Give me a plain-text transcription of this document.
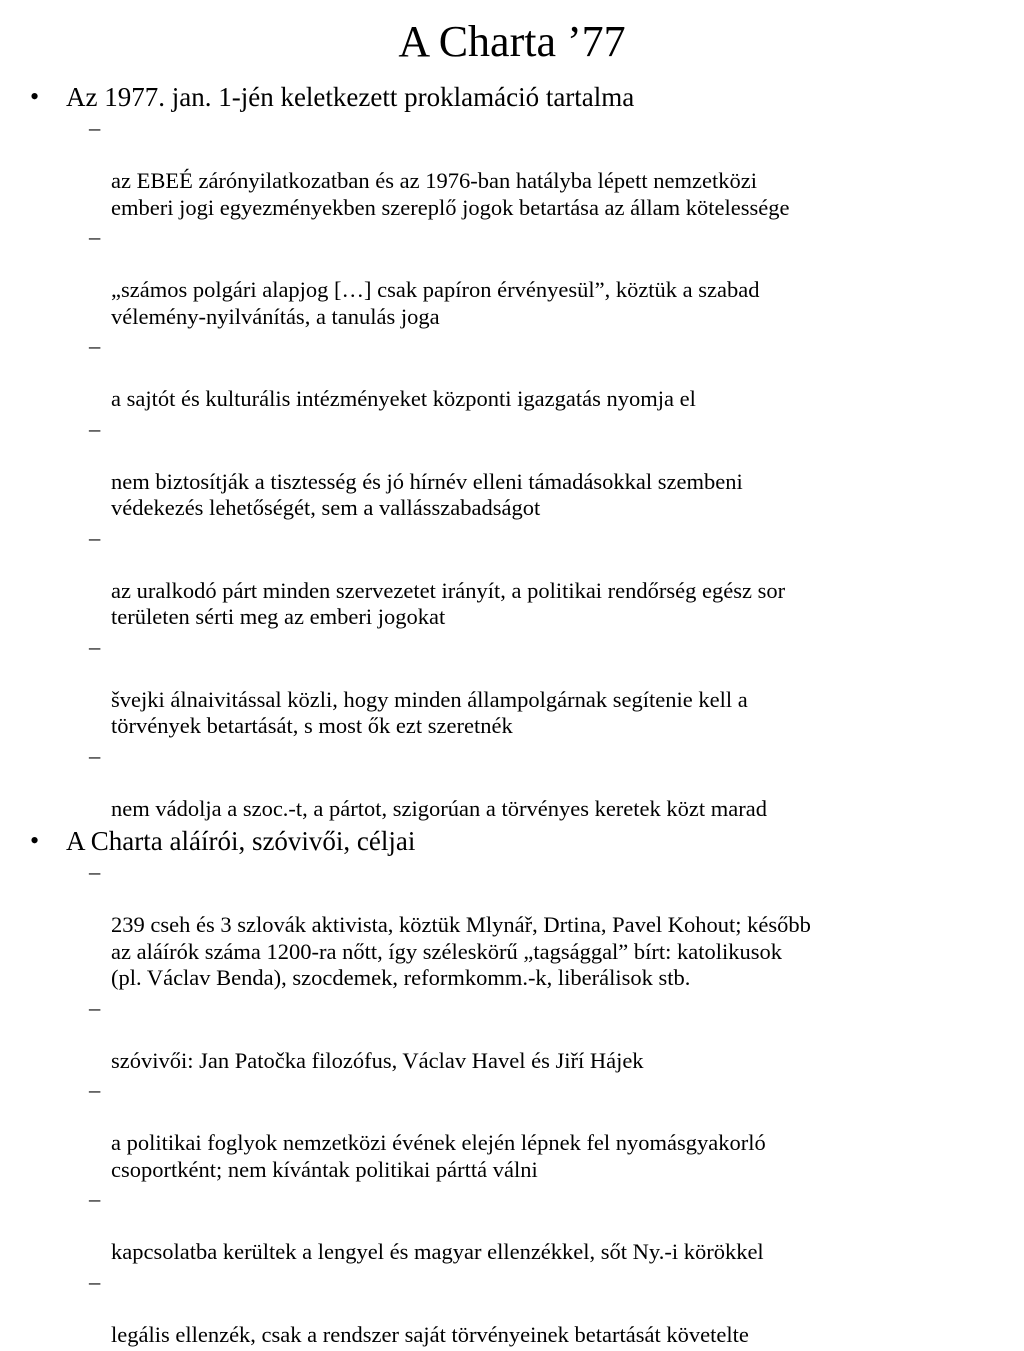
A Charta ’77
• Az 1977. jan. 1-jén keletkezett proklamáció tartalma

–

az EBEÉ zárónyilatkozatban és az 1976-ban hatályba lépett nemzetközi
emberi jogi egyezményekben szereplő jogok betartása az állam kötelessége

–

„számos polgári alapjog […] csak papíron érvényesül”, köztük a szabad
vélemény-nyilvánítás, a tanulás joga

–

a sajtót és kulturális intézményeket központi igazgatás nyomja el

–

nem biztosítják a tisztesség és jó hírnév elleni támadásokkal szembeni
védekezés lehetőségét, sem a vallásszabadságot

–

az uralkodó párt minden szervezetet irányít, a politikai rendőrség egész sor
területen sérti meg az emberi jogokat

–

švejki álnaivitással közli, hogy minden állampolgárnak segítenie kell a
törvények betartását, s most ők ezt szeretnék

–

nem vádolja a szoc.-t, a pártot, szigorúan a törvényes keretek közt marad

• A Charta aláírói, szóvivői, céljai

–

239 cseh és 3 szlovák aktivista, köztük Mlynář, Drtina, Pavel Kohout; később
az aláírók száma 1200-ra nőtt, így széleskörű „tagsággal” bírt: katolikusok
(pl. Václav Benda), szocdemek, reformkomm.-k, liberálisok stb.

–

szóvivői: Jan Patočka filozófus, Václav Havel és Jiří Hájek

–

a politikai foglyok nemzetközi évének elején lépnek fel nyomásgyakorló
csoportként; nem kívántak politikai párttá válni

–

kapcsolatba kerültek a lengyel és magyar ellenzékkel, sőt Ny.-i körökkel

–

legális ellenzék, csak a rendszer saját törvényeinek betartását követelte
